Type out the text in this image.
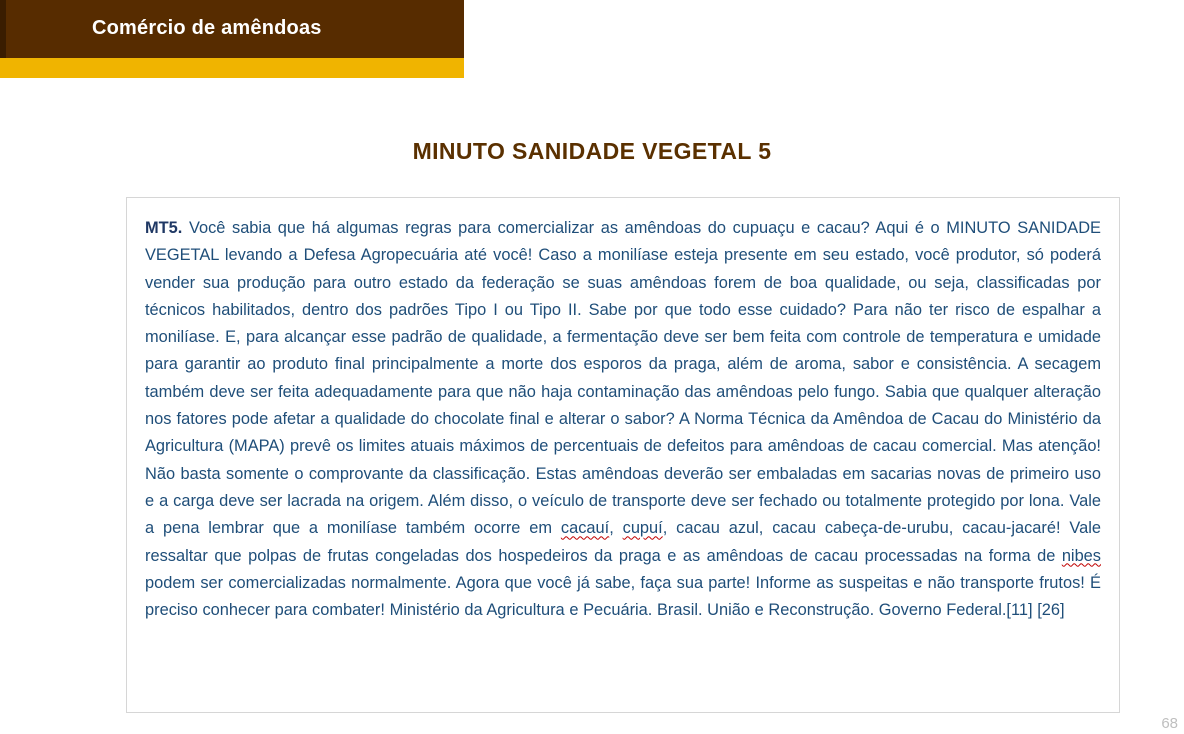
Comércio de amêndoas
MINUTO SANIDADE VEGETAL 5

MT5. Você sabia que há algumas regras para comercializar as amêndoas do cupuaçu e cacau? Aqui é o MINUTO SANIDADE VEGETAL levando a Defesa Agropecuária até você! Caso a monilíase esteja presente em seu estado, você produtor, só poderá vender sua produção para outro estado da federação se suas amêndoas forem de boa qualidade, ou seja, classificadas por técnicos habilitados, dentro dos padrões Tipo I ou Tipo II. Sabe por que todo esse cuidado? Para não ter risco de espalhar a monilíase. E, para alcançar esse padrão de qualidade, a fermentação deve ser bem feita com controle de temperatura e umidade para garantir ao produto final principalmente a morte dos esporos da praga, além de aroma, sabor e consistência. A secagem também deve ser feita adequadamente para que não haja contaminação das amêndoas pelo fungo. Sabia que qualquer alteração nos fatores pode afetar a qualidade do chocolate final e alterar o sabor? A Norma Técnica da Amêndoa de Cacau do Ministério da Agricultura (MAPA) prevê os limites atuais máximos de percentuais de defeitos para amêndoas de cacau comercial. Mas atenção! Não basta somente o comprovante da classificação. Estas amêndoas deverão ser embaladas em sacarias novas de primeiro uso e a carga deve ser lacrada na origem. Além disso, o veículo de transporte deve ser fechado ou totalmente protegido por lona. Vale a pena lembrar que a monilíase também ocorre em cacauí, cupuí, cacau azul, cacau cabeça-de-urubu, cacau-jacaré! Vale ressaltar que polpas de frutas congeladas dos hospedeiros da praga e as amêndoas de cacau processadas na forma de nibes podem ser comercializadas normalmente. Agora que você já sabe, faça sua parte! Informe as suspeitas e não transporte frutos! É preciso conhecer para combater! Ministério da Agricultura e Pecuária. Brasil. União e Reconstrução. Governo Federal.[11] [26]

68
